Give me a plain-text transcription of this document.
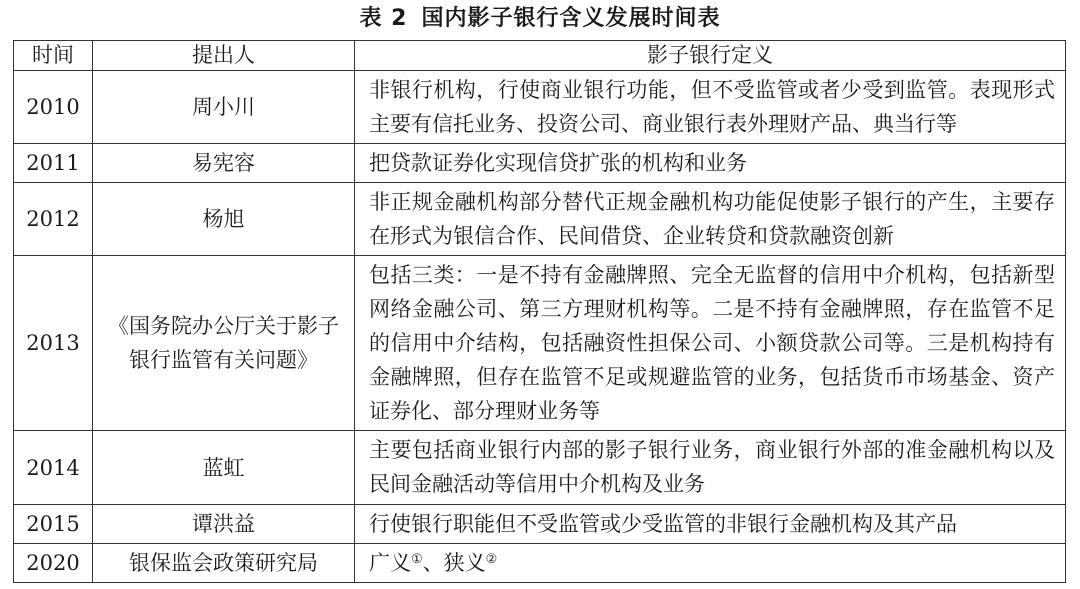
表 2 国内影子银行含义发展时间表
时间	提出人	影子银行定义
2010	周小川	非银行机构，行使商业银行功能，但不受监管或者少受到监管。表现形式主要有信托业务、投资公司、商业银行表外理财产品、典当行等
2011	易宪容	把贷款证券化实现信贷扩张的机构和业务
2012	杨旭	非正规金融机构部分替代正规金融机构功能促使影子银行的产生，主要存在形式为银信合作、民间借贷、企业转贷和贷款融资创新
2013	《国务院办公厅关于影子银行监管有关问题》	包括三类：一是不持有金融牌照、完全无监督的信用中介机构，包括新型网络金融公司、第三方理财机构等。二是不持有金融牌照，存在监管不足的信用中介结构，包括融资性担保公司、小额贷款公司等。三是机构持有金融牌照，但存在监管不足或规避监管的业务，包括货币市场基金、资产证券化、部分理财业务等
2014	蓝虹	主要包括商业银行内部的影子银行业务，商业银行外部的准金融机构以及民间金融活动等信用中介机构及业务
2015	谭洪益	行使银行职能但不受监管或少受监管的非银行金融机构及其产品
2020	银保监会政策研究局	广义①、狭义②
